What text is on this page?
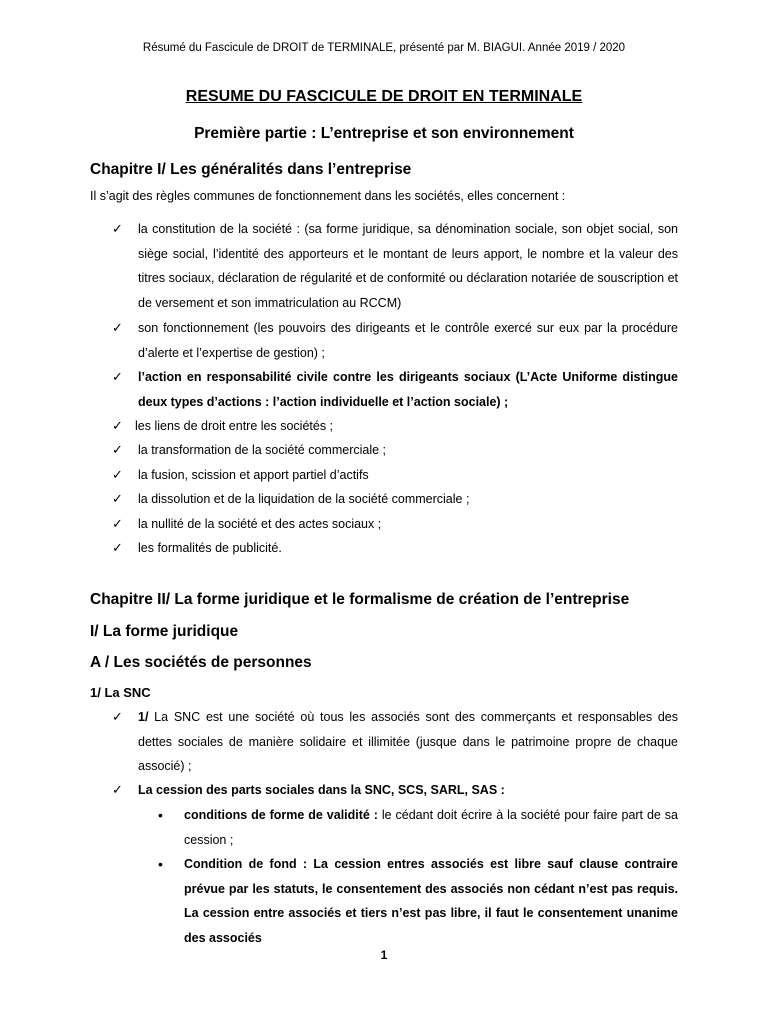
Résumé du Fascicule de DROIT de TERMINALE, présenté par M. BIAGUI. Année 2019 / 2020
RESUME DU FASCICULE DE DROIT EN TERMINALE
Première partie : L’entreprise et son environnement
Chapitre I/ Les généralités dans l’entreprise
Il s’agit des règles communes de fonctionnement dans les sociétés, elles concernent :
✓ la constitution de la société : (sa forme juridique, sa dénomination sociale, son objet social, son siège social, l’identité des apporteurs et le montant de leurs apport, le nombre et la valeur des titres sociaux, déclaration de régularité et de conformité ou déclaration notariée de souscription et de versement et son immatriculation au RCCM)
✓ son fonctionnement (les pouvoirs des dirigeants et le contrôle exercé sur eux par la procédure d’alerte et l’expertise de gestion) ;
✓ l’action en responsabilité civile contre les dirigeants sociaux (L’Acte Uniforme distingue deux types d’actions : l’action individuelle et l’action sociale) ;
✓ les liens de droit entre les sociétés ;
✓ la transformation de la société commerciale ;
✓ la fusion, scission et apport partiel d’actifs
✓ la dissolution et de la liquidation de la société commerciale ;
✓ la nullité de la société et des actes sociaux ;
✓ les formalités de publicité.
Chapitre II/ La forme juridique et le formalisme de création de l’entreprise
I/ La forme juridique
A / Les sociétés de personnes
1/ La SNC
✓ 1/ La SNC est une société où tous les associés sont des commerçants et responsables des dettes sociales de manière solidaire et illimitée (jusque dans le patrimoine propre de chaque associé) ;
✓ La cession des parts sociales dans la SNC, SCS, SARL, SAS :
• conditions de forme de validité : le cédant doit écrire à la société pour faire part de sa cession ;
• Condition de fond : La cession entres associés est libre sauf clause contraire prévue par les statuts, le consentement des associés non cédant n’est pas requis. La cession entre associés et tiers n’est pas libre, il faut le consentement unanime des associés
1
